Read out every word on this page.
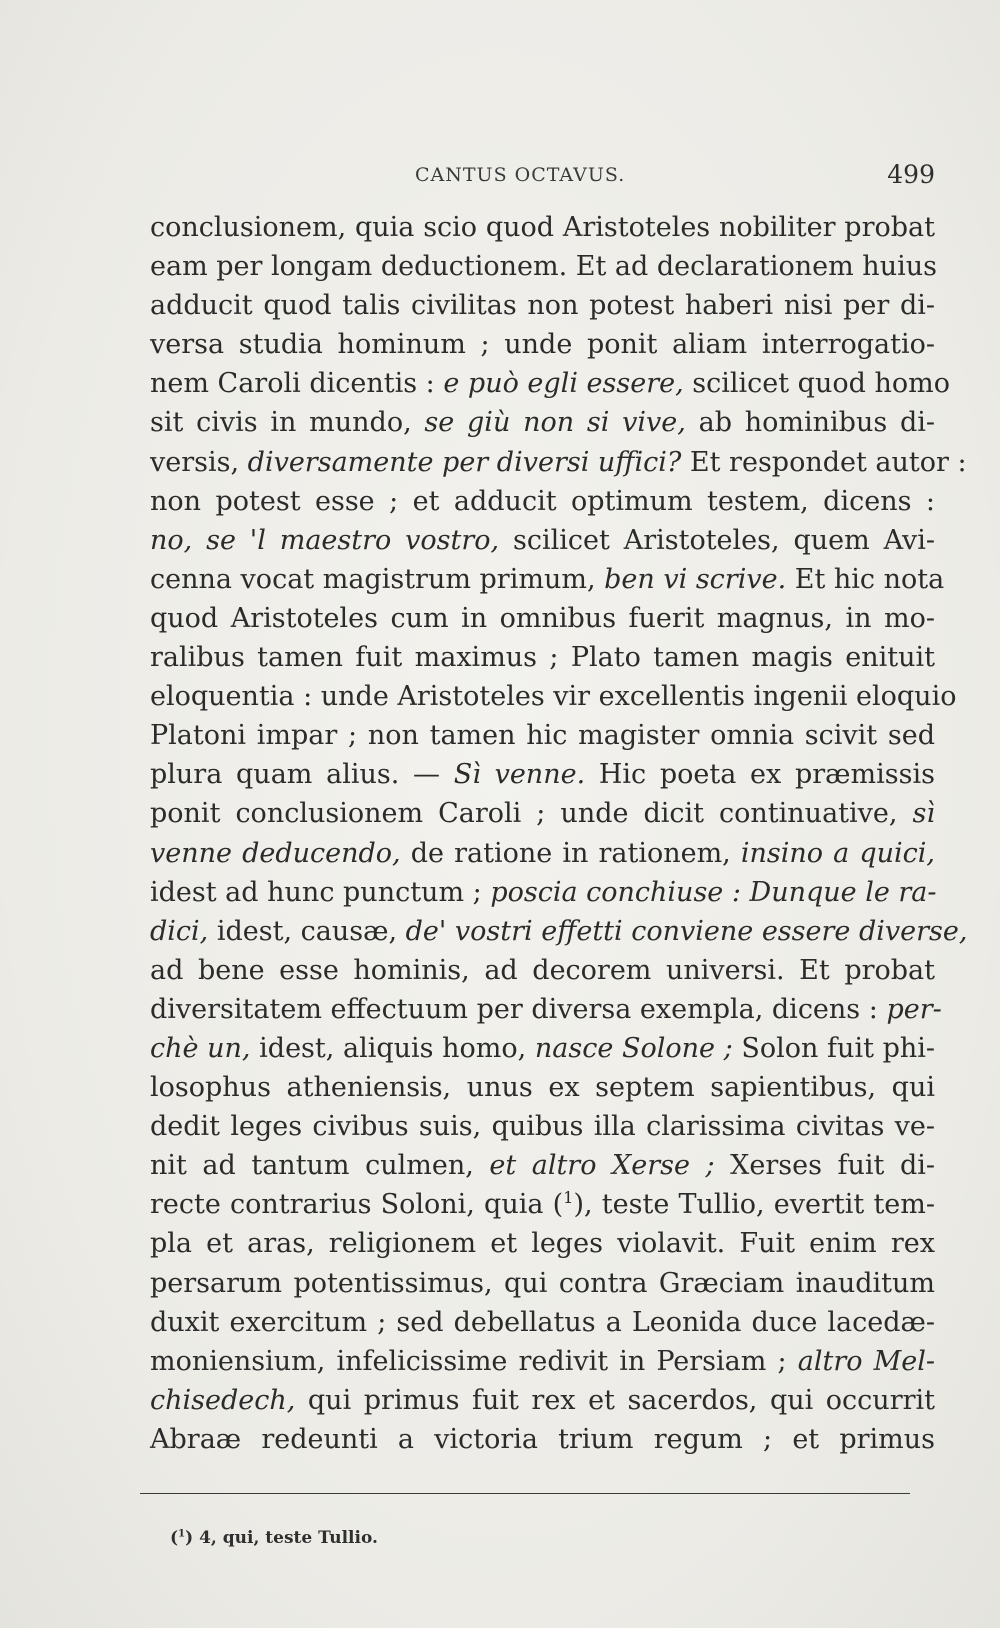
CANTUS OCTAVUS.	499
conclusionem, quia scio quod Aristoteles nobiliter probat
eam per longam deductionem. Et ad declarationem huius
adducit quod talis civilitas non potest haberi nisi per di-
versa studia hominum ; unde ponit aliam interrogatio-
nem Caroli dicentis : e può egli essere, scilicet quod homo
sit civis in mundo, se giù non si vive, ab hominibus di-
versis, diversamente per diversi uffici? Et respondet autor :
non potest esse ; et adducit optimum testem, dicens :
no, se 'l maestro vostro, scilicet Aristoteles, quem Avi-
cenna vocat magistrum primum, ben vi scrive. Et hic nota
quod Aristoteles cum in omnibus fuerit magnus, in mo-
ralibus tamen fuit maximus ; Plato tamen magis enituit
eloquentia : unde Aristoteles vir excellentis ingenii eloquio
Platoni impar ; non tamen hic magister omnia scivit sed
plura quam alius. — Sì venne. Hic poeta ex præmissis
ponit conclusionem Caroli ; unde dicit continuative, sì
venne deducendo, de ratione in rationem, insino a quici,
idest ad hunc punctum ; poscia conchiuse : Dunque le ra-
dici, idest, causæ, de' vostri effetti conviene essere diverse,
ad bene esse hominis, ad decorem universi. Et probat
diversitatem effectuum per diversa exempla, dicens : per-
chè un, idest, aliquis homo, nasce Solone ; Solon fuit phi-
losophus atheniensis, unus ex septem sapientibus, qui
dedit leges civibus suis, quibus illa clarissima civitas ve-
nit ad tantum culmen, et altro Xerse ; Xerses fuit di-
recte contrarius Soloni, quia ($^1$), teste Tullio, evertit tem-
pla et aras, religionem et leges violavit. Fuit enim rex
persarum potentissimus, qui contra Græciam inauditum
duxit exercitum ; sed debellatus a Leonida duce lacedæ-
moniensium, infelicissime redivit in Persiam ; altro Mel-
chisedech, qui primus fuit rex et sacerdos, qui occurrit
Abraæ redeunti a victoria trium regum ; et primus
($^1$) 4, qui, teste Tullio.
